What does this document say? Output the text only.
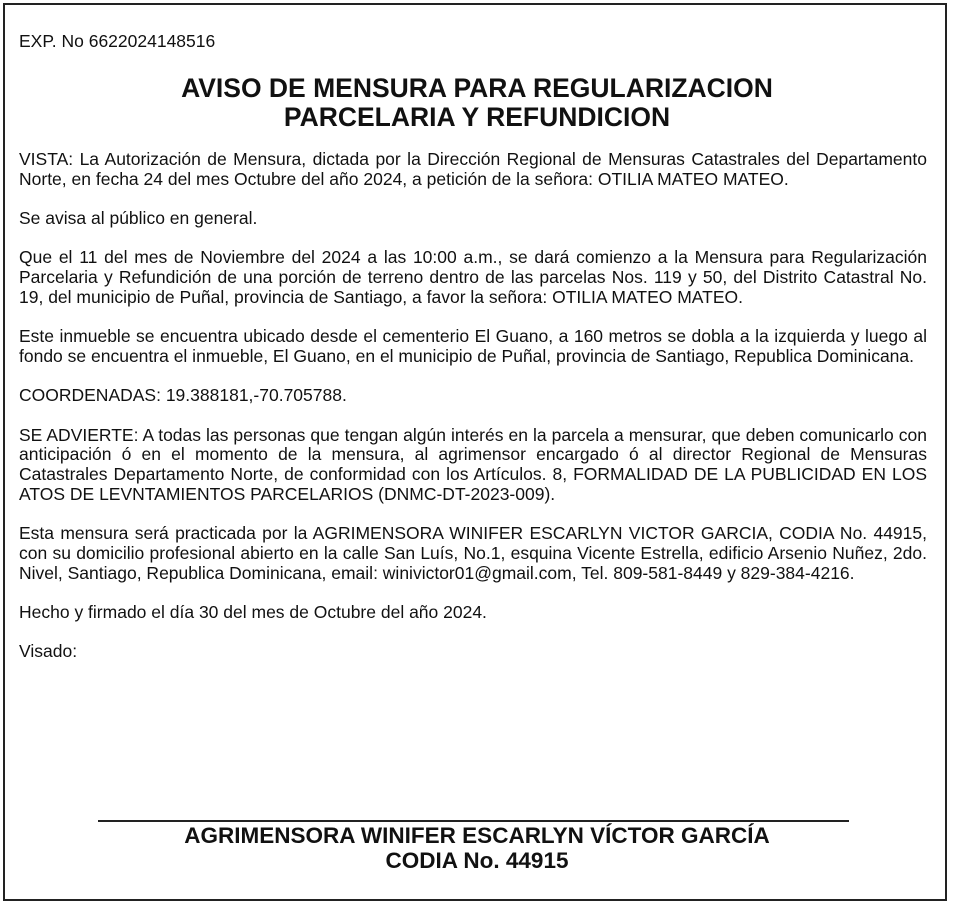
EXP. No 6622024148516
AVISO DE MENSURA PARA REGULARIZACION
PARCELARIA Y REFUNDICION

VISTA: La Autorización de Mensura, dictada por la Dirección Regional de Mensuras Catastrales del Departamento Norte, en fecha 24 del mes Octubre del año 2024, a petición de la señora: OTILIA MATEO MATEO.

Se avisa al público en general.

Que el 11 del mes de Noviembre del 2024 a las 10:00 a.m., se dará comienzo a la Mensura para Regularización Parcelaria y Refundición de una porción de terreno dentro de las parcelas Nos. 119 y 50, del Distrito Catastral No. 19, del municipio de Puñal, provincia de Santiago, a favor la señora: OTILIA MATEO MATEO.

Este inmueble se encuentra ubicado desde el cementerio El Guano, a 160 metros se dobla a la izquierda y luego al fondo se encuentra el inmueble, El Guano, en el municipio de Puñal, provincia de Santiago, Republica Dominicana.

COORDENADAS: 19.388181,-70.705788.

SE ADVIERTE: A todas las personas que tengan algún interés en la parcela a mensurar, que deben comunicarlo con anticipación ó en el momento de la mensura, al agrimensor encargado ó al director Regional de Mensuras Catastrales Departamento Norte, de conformidad con los Artículos. 8, FORMALIDAD DE LA PUBLICIDAD EN LOS ATOS DE LEVNTAMIENTOS PARCELARIOS (DNMC-DT-2023-009).

Esta mensura será practicada por la AGRIMENSORA WINIFER ESCARLYN VICTOR GARCIA, CODIA No. 44915, con su domicilio profesional abierto en la calle San Luís, No.1, esquina Vicente Estrella, edificio Arsenio Nuñez, 2do. Nivel, Santiago, Republica Dominicana, email: winivictor01@gmail.com, Tel. 809-581-8449 y 829-384-4216.

Hecho y firmado el día 30 del mes de Octubre del año 2024.

Visado:

AGRIMENSORA WINIFER ESCARLYN VÍCTOR GARCÍA
CODIA No. 44915
